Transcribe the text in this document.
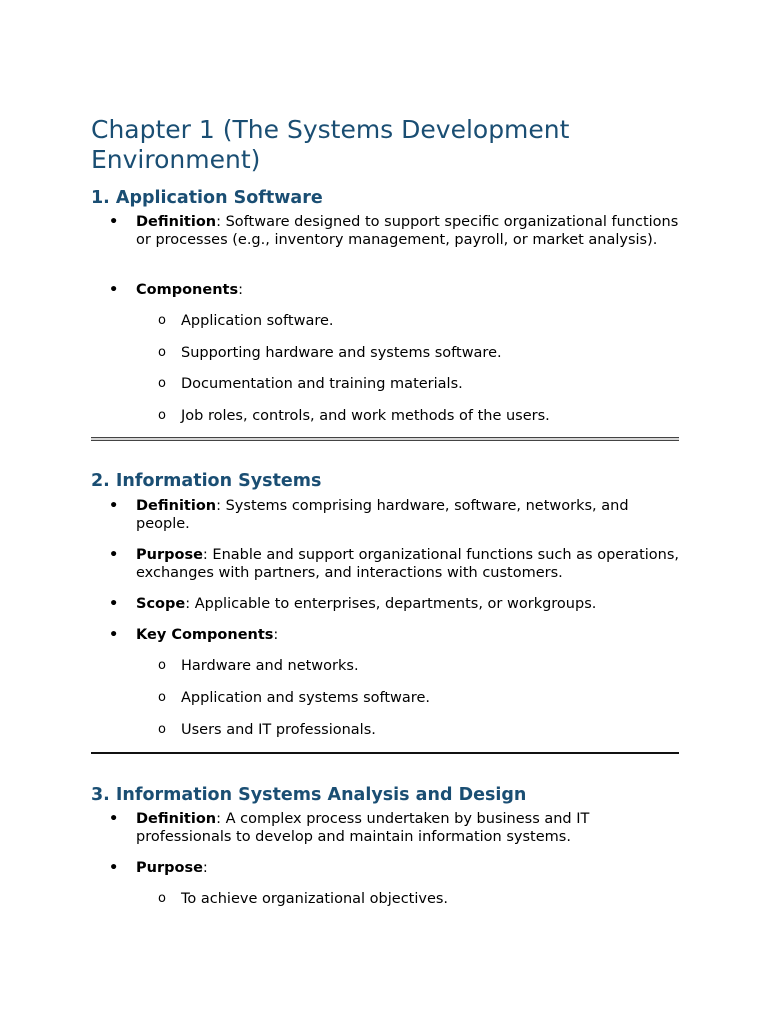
Chapter 1 (The Systems Development Environment)
1. Application Software
• Definition: Software designed to support specific organizational functions or processes (e.g., inventory management, payroll, or market analysis).
• Components:
o Application software.
o Supporting hardware and systems software.
o Documentation and training materials.
o Job roles, controls, and work methods of the users.
2. Information Systems
• Definition: Systems comprising hardware, software, networks, and people.
• Purpose: Enable and support organizational functions such as operations, exchanges with partners, and interactions with customers.
• Scope: Applicable to enterprises, departments, or workgroups.
• Key Components:
o Hardware and networks.
o Application and systems software.
o Users and IT professionals.
3. Information Systems Analysis and Design
• Definition: A complex process undertaken by business and IT professionals to develop and maintain information systems.
• Purpose:
o To achieve organizational objectives.
